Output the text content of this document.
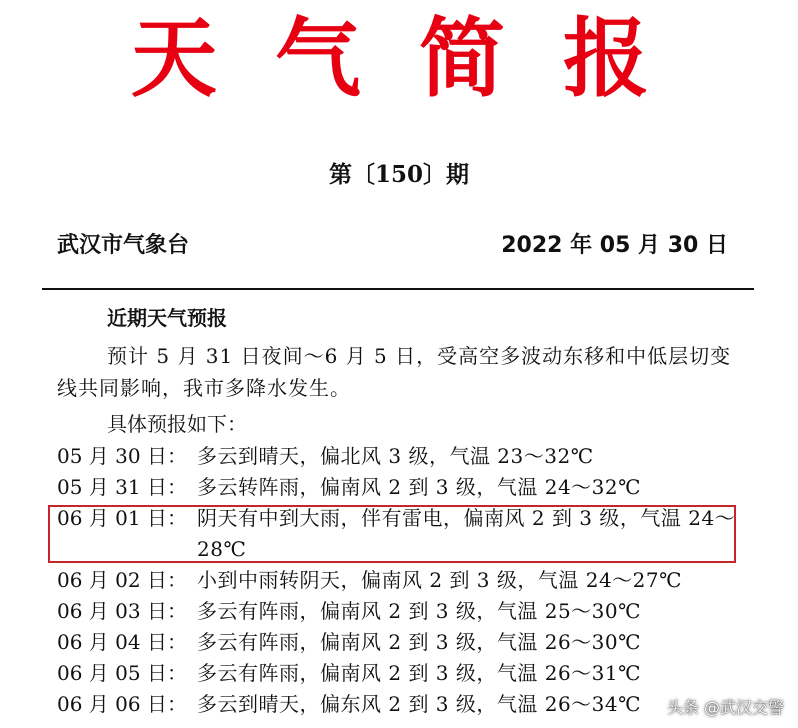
天气简报
第〔150〕期
武汉市气象台	2022 年 05 月 30 日
近期天气预报
预计 5 月 31 日夜间～6 月 5 日，受高空多波动东移和中低层切变线共同影响，我市多降水发生。
具体预报如下：
05 月 30 日： 多云到晴天，偏北风 3 级，气温 23～32℃
05 月 31 日： 多云转阵雨，偏南风 2 到 3 级，气温 24～32℃
06 月 01 日： 阴天有中到大雨，伴有雷电，偏南风 2 到 3 级，气温 24～28℃
06 月 02 日： 小到中雨转阴天，偏南风 2 到 3 级，气温 24～27℃
06 月 03 日： 多云有阵雨，偏南风 2 到 3 级，气温 25～30℃
06 月 04 日： 多云有阵雨，偏南风 2 到 3 级，气温 26～30℃
06 月 05 日： 多云有阵雨，偏南风 2 到 3 级，气温 26～31℃
06 月 06 日： 多云到晴天，偏东风 2 到 3 级，气温 26～34℃ 头条 @武汉交警
